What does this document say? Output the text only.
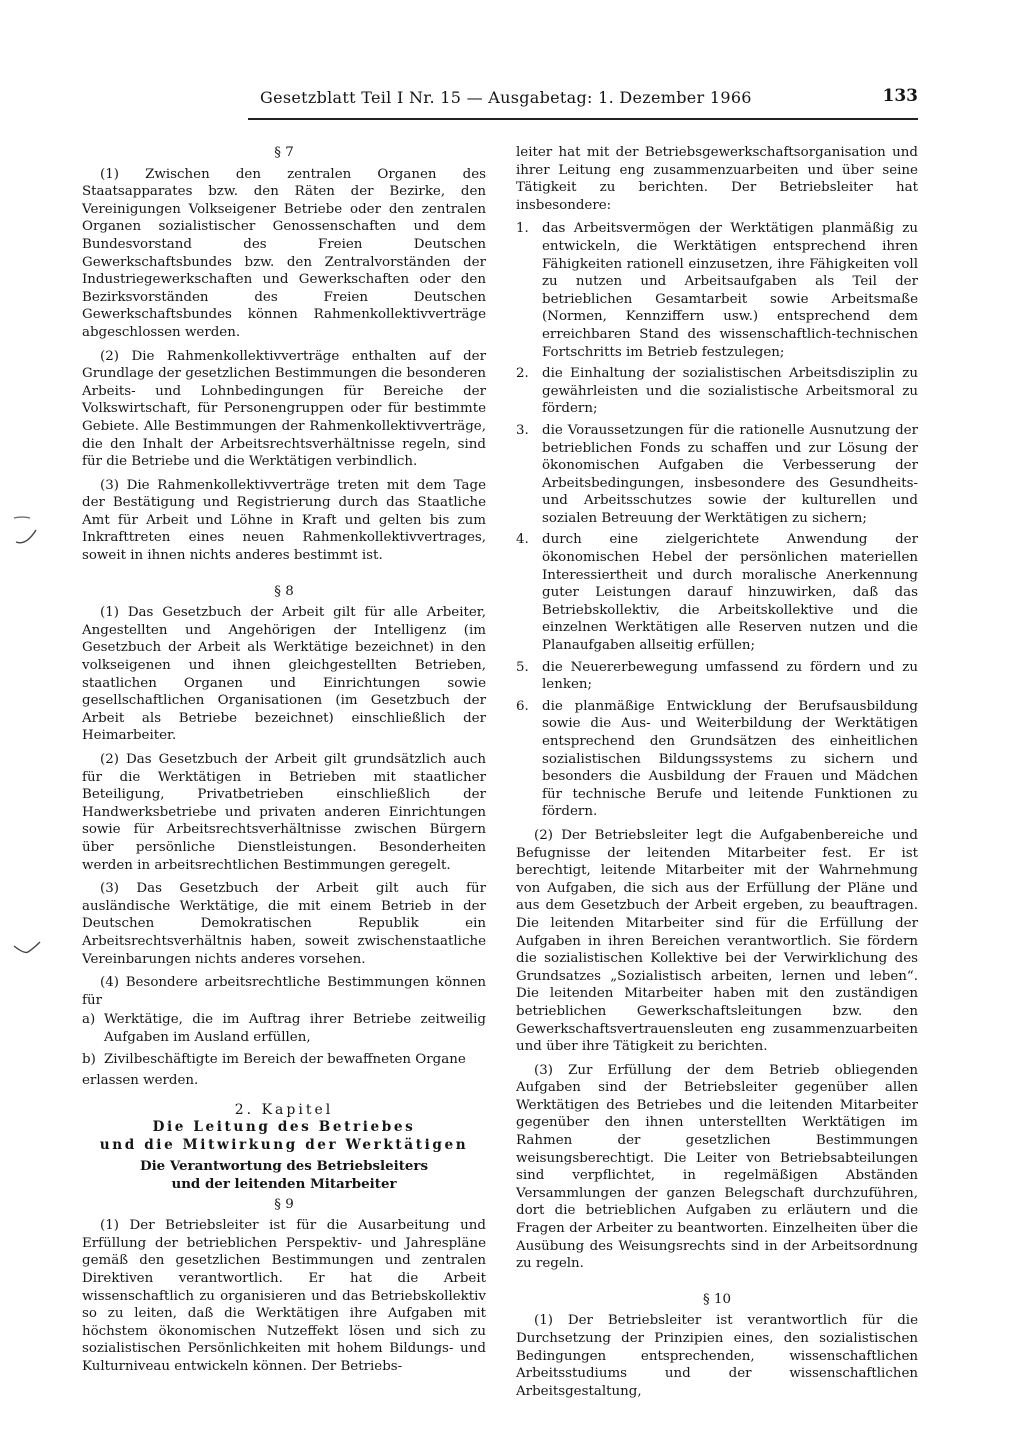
Gesetzblatt Teil I Nr. 15 — Ausgabetag: 1. Dezember 1966	133
§ 7

(1) Zwischen den zentralen Organen des Staatsapparates bzw. den Räten der Bezirke, den Vereinigungen Volkseigener Betriebe oder den zentralen Organen sozialistischer Genossenschaften und dem Bundesvorstand des Freien Deutschen Gewerkschaftsbundes bzw. den Zentralvorständen der Industriegewerkschaften und Gewerkschaften oder den Bezirksvorständen des Freien Deutschen Gewerkschaftsbundes können Rahmenkollektivverträge abgeschlossen werden.

(2) Die Rahmenkollektivverträge enthalten auf der Grundlage der gesetzlichen Bestimmungen die besonderen Arbeits- und Lohnbedingungen für Bereiche der Volkswirtschaft, für Personengruppen oder für bestimmte Gebiete. Alle Bestimmungen der Rahmenkollektivverträge, die den Inhalt der Arbeitsrechtsverhältnisse regeln, sind für die Betriebe und die Werktätigen verbindlich.

(3) Die Rahmenkollektivverträge treten mit dem Tage der Bestätigung und Registrierung durch das Staatliche Amt für Arbeit und Löhne in Kraft und gelten bis zum Inkrafttreten eines neuen Rahmenkollektivvertrages, soweit in ihnen nichts anderes bestimmt ist.

§ 8

(1) Das Gesetzbuch der Arbeit gilt für alle Arbeiter, Angestellten und Angehörigen der Intelligenz (im Gesetzbuch der Arbeit als Werktätige bezeichnet) in den volkseigenen und ihnen gleichgestellten Betrieben, staatlichen Organen und Einrichtungen sowie gesellschaftlichen Organisationen (im Gesetzbuch der Arbeit als Betriebe bezeichnet) einschließlich der Heimarbeiter.

(2) Das Gesetzbuch der Arbeit gilt grundsätzlich auch für die Werktätigen in Betrieben mit staatlicher Beteiligung, Privatbetrieben einschließlich der Handwerksbetriebe und privaten anderen Einrichtungen sowie für Arbeitsrechtsverhältnisse zwischen Bürgern über persönliche Dienstleistungen. Besonderheiten werden in arbeitsrechtlichen Bestimmungen geregelt.

(3) Das Gesetzbuch der Arbeit gilt auch für ausländische Werktätige, die mit einem Betrieb in der Deutschen Demokratischen Republik ein Arbeitsrechtsverhältnis haben, soweit zwischenstaatliche Vereinbarungen nichts anderes vorsehen.

(4) Besondere arbeitsrechtliche Bestimmungen können für

a) Werktätige, die im Auftrag ihrer Betriebe zeitweilig Aufgaben im Ausland erfüllen,
b) Zivilbeschäftigte im Bereich der bewaffneten Organe

erlassen werden.

2. Kapitel
Die Leitung des Betriebes
und die Mitwirkung der Werktätigen
Die Verantwortung des Betriebsleiters
und der leitenden Mitarbeiter
§ 9

(1) Der Betriebsleiter ist für die Ausarbeitung und Erfüllung der betrieblichen Perspektiv- und Jahrespläne gemäß den gesetzlichen Bestimmungen und zentralen Direktiven verantwortlich. Er hat die Arbeit wissenschaftlich zu organisieren und das Betriebskollektiv so zu leiten, daß die Werktätigen ihre Aufgaben mit höchstem ökonomischen Nutzeffekt lösen und sich zu sozialistischen Persönlichkeiten mit hohem Bildungs- und Kulturniveau entwickeln können. Der Betriebs-

leiter hat mit der Betriebsgewerkschaftsorganisation und ihrer Leitung eng zusammenzuarbeiten und über seine Tätigkeit zu berichten. Der Betriebsleiter hat insbesondere:

1. das Arbeitsvermögen der Werktätigen planmäßig zu entwickeln, die Werktätigen entsprechend ihren Fähigkeiten rationell einzusetzen, ihre Fähigkeiten voll zu nutzen und Arbeitsaufgaben als Teil der betrieblichen Gesamtarbeit sowie Arbeitsmaße (Normen, Kennziffern usw.) entsprechend dem erreichbaren Stand des wissenschaftlich-technischen Fortschritts im Betrieb festzulegen;
2. die Einhaltung der sozialistischen Arbeitsdisziplin zu gewährleisten und die sozialistische Arbeitsmoral zu fördern;
3. die Voraussetzungen für die rationelle Ausnutzung der betrieblichen Fonds zu schaffen und zur Lösung der ökonomischen Aufgaben die Verbesserung der Arbeitsbedingungen, insbesondere des Gesundheits- und Arbeitsschutzes sowie der kulturellen und sozialen Betreuung der Werktätigen zu sichern;
4. durch eine zielgerichtete Anwendung der ökonomischen Hebel der persönlichen materiellen Interessiertheit und durch moralische Anerkennung guter Leistungen darauf hinzuwirken, daß das Betriebskollektiv, die Arbeitskollektive und die einzelnen Werktätigen alle Reserven nutzen und die Planaufgaben allseitig erfüllen;
5. die Neuererbewegung umfassend zu fördern und zu lenken;
6. die planmäßige Entwicklung der Berufsausbildung sowie die Aus- und Weiterbildung der Werktätigen entsprechend den Grundsätzen des einheitlichen sozialistischen Bildungssystems zu sichern und besonders die Ausbildung der Frauen und Mädchen für technische Berufe und leitende Funktionen zu fördern.

(2) Der Betriebsleiter legt die Aufgabenbereiche und Befugnisse der leitenden Mitarbeiter fest. Er ist berechtigt, leitende Mitarbeiter mit der Wahrnehmung von Aufgaben, die sich aus der Erfüllung der Pläne und aus dem Gesetzbuch der Arbeit ergeben, zu beauftragen. Die leitenden Mitarbeiter sind für die Erfüllung der Aufgaben in ihren Bereichen verantwortlich. Sie fördern die sozialistischen Kollektive bei der Verwirklichung des Grundsatzes „Sozialistisch arbeiten, lernen und leben“. Die leitenden Mitarbeiter haben mit den zuständigen betrieblichen Gewerkschaftsleitungen bzw. den Gewerkschaftsvertrauensleuten eng zusammenzuarbeiten und über ihre Tätigkeit zu berichten.

(3) Zur Erfüllung der dem Betrieb obliegenden Aufgaben sind der Betriebsleiter gegenüber allen Werktätigen des Betriebes und die leitenden Mitarbeiter gegenüber den ihnen unterstellten Werktätigen im Rahmen der gesetzlichen Bestimmungen weisungsberechtigt. Die Leiter von Betriebsabteilungen sind verpflichtet, in regelmäßigen Abständen Versammlungen der ganzen Belegschaft durchzuführen, dort die betrieblichen Aufgaben zu erläutern und die Fragen der Arbeiter zu beantworten. Einzelheiten über die Ausübung des Weisungsrechts sind in der Arbeitsordnung zu regeln.

§ 10

(1) Der Betriebsleiter ist verantwortlich für die Durchsetzung der Prinzipien eines, den sozialistischen Bedingungen entsprechenden, wissenschaftlichen Arbeitsstudiums und der wissenschaftlichen Arbeitsgestaltung,
